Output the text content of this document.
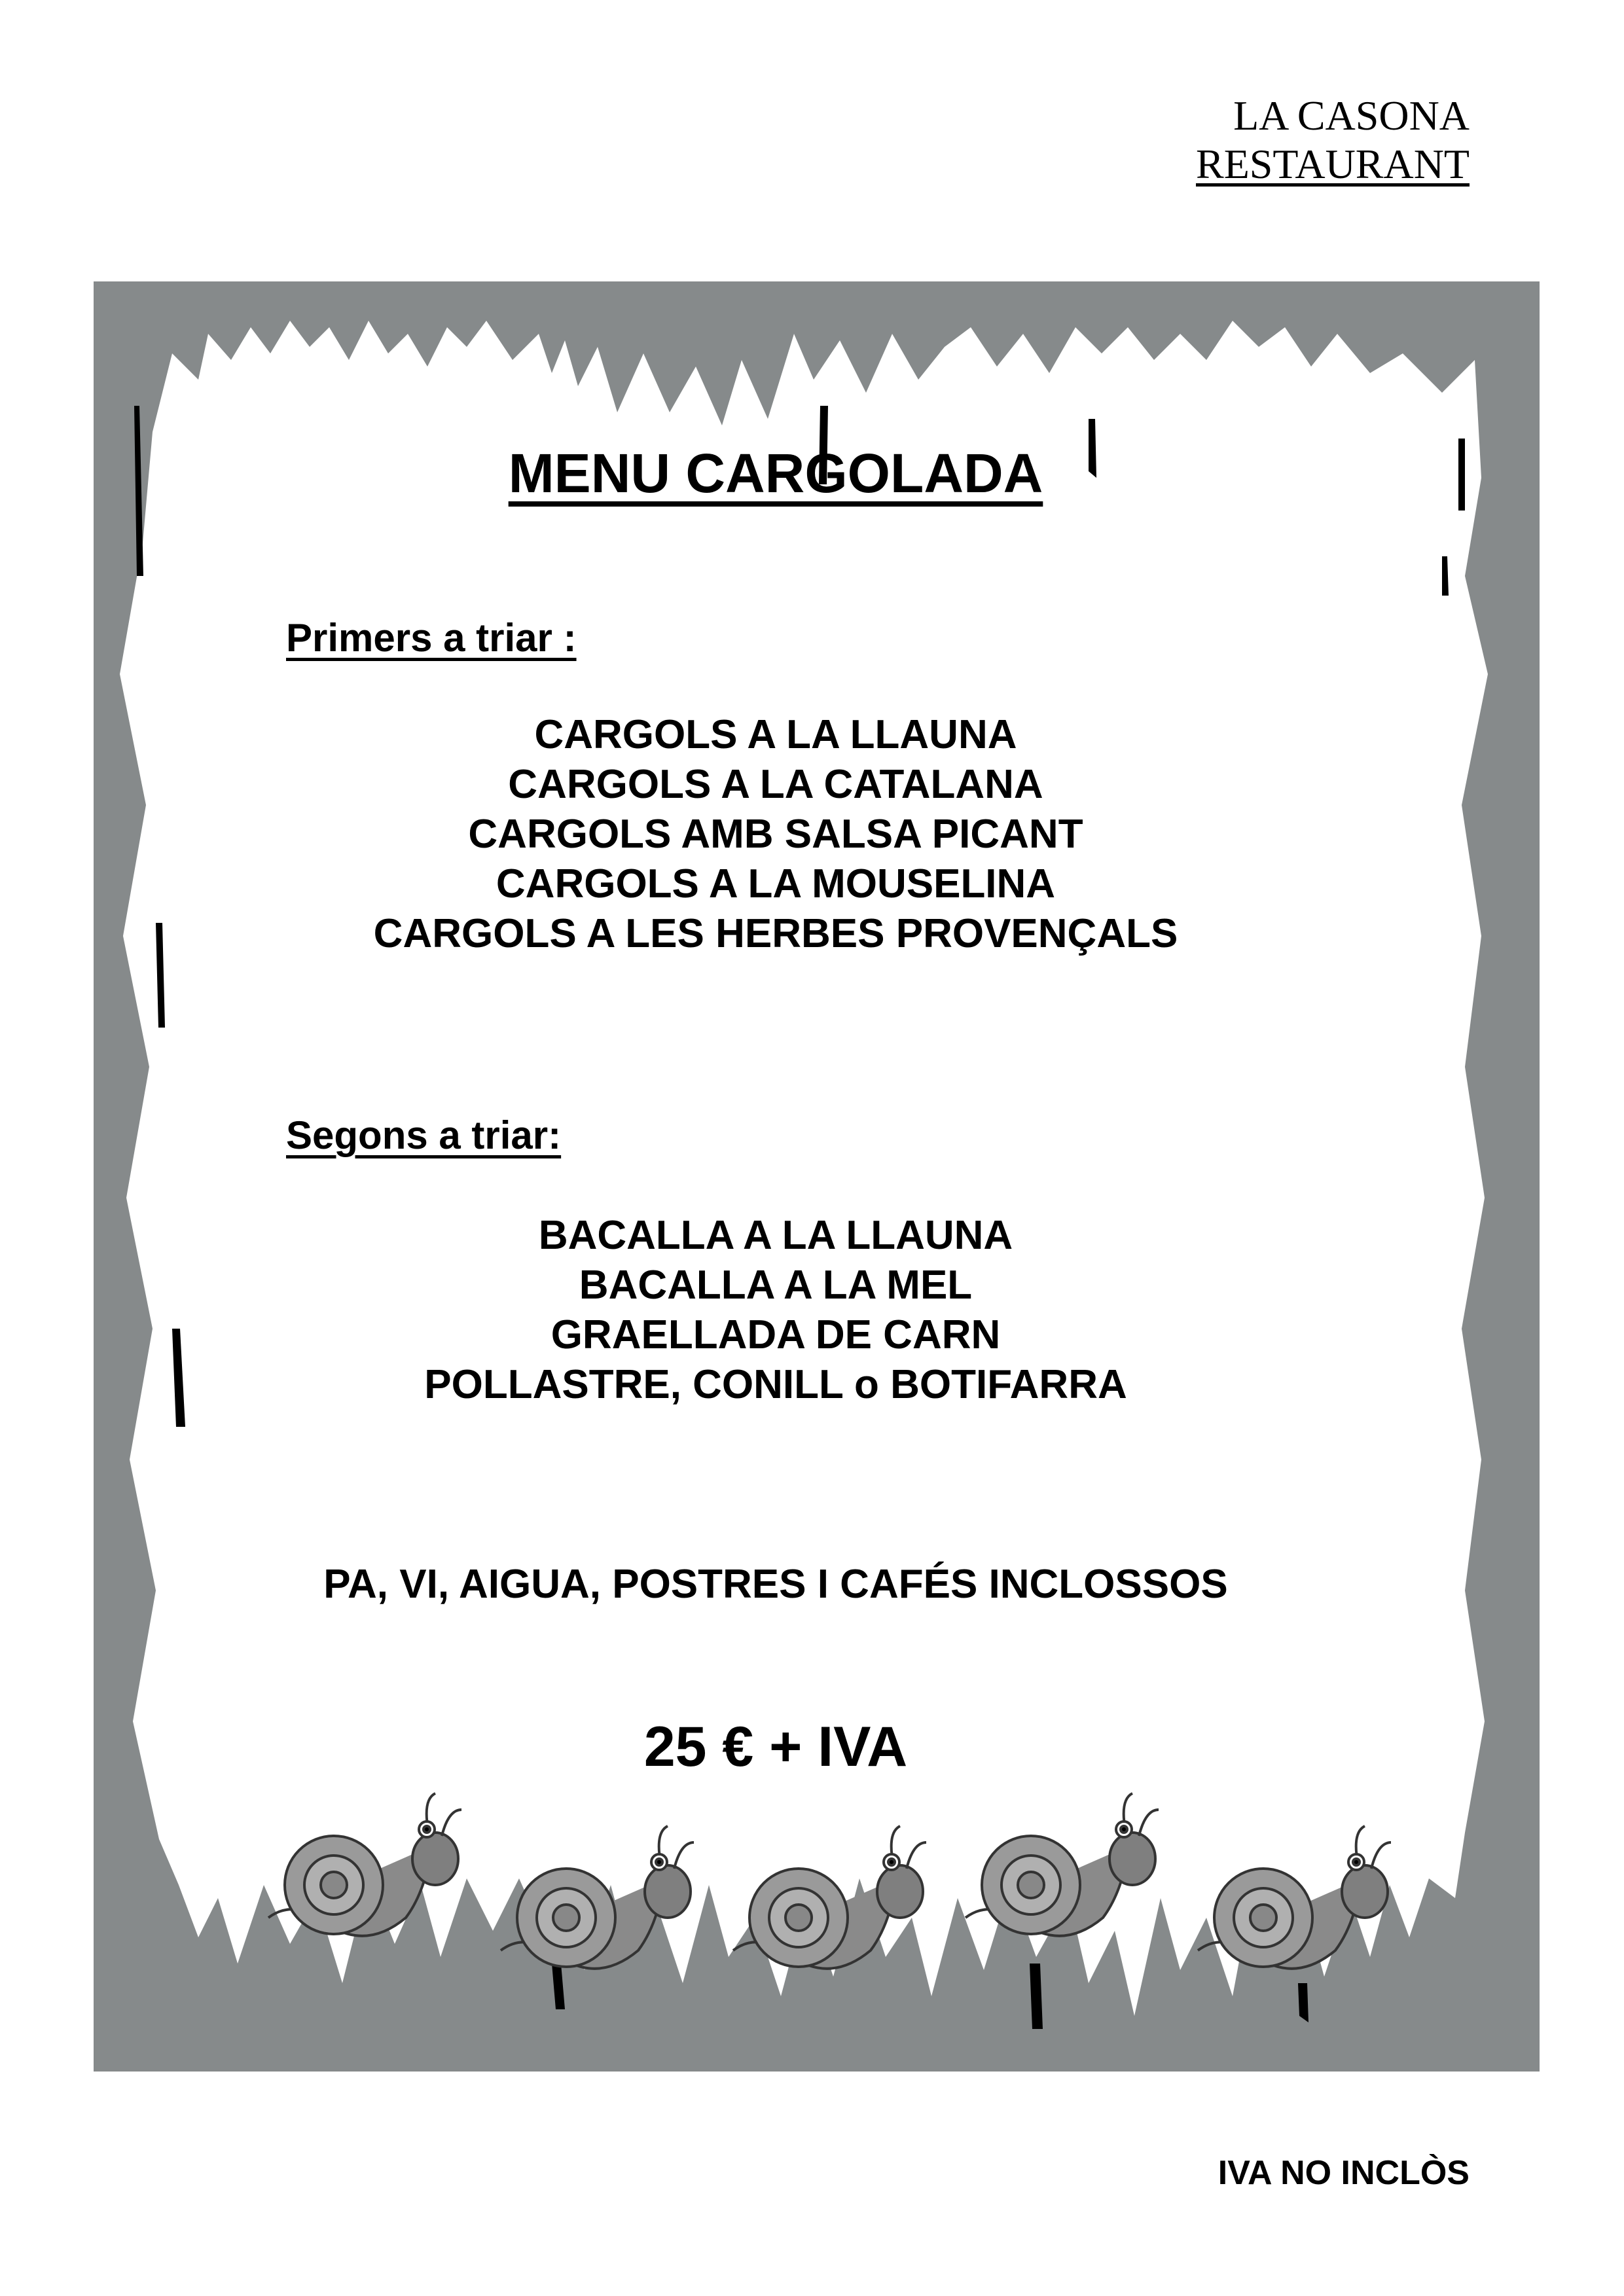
LA CASONA
RESTAURANT
MENU CARGOLADA
Primers a triar :
CARGOLS A LA LLAUNA
CARGOLS A LA CATALANA
CARGOLS AMB SALSA PICANT
CARGOLS A LA MOUSELINA
CARGOLS A LES HERBES PROVENÇALS
Segons a triar:
BACALLA A LA LLAUNA
BACALLA A LA MEL
GRAELLADA DE CARN
POLLASTRE, CONILL o BOTIFARRA
PA, VI, AIGUA, POSTRES I CAFÉS INCLOSSOS
25 € + IVA
IVA NO INCLÒS
